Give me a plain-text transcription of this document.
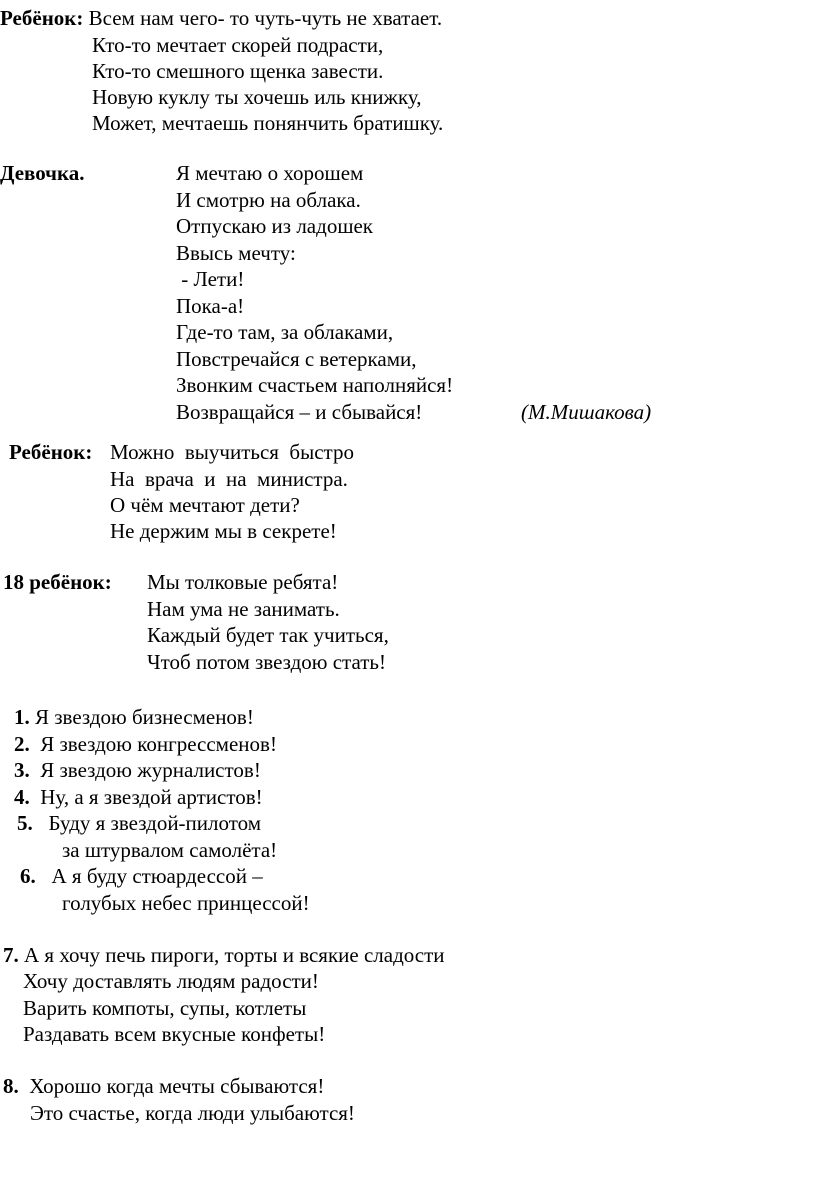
Ребёнок: Всем нам чего- то чуть-чуть не хватает.
Кто-то мечтает скорей подрасти,
Кто-то смешного щенка завести.
Новую куклу ты хочешь иль книжку,
Может, мечтаешь понянчить братишку.
Девочка.	Я мечтаю о хорошем
И смотрю на облака.
Отпускаю из ладошек
Ввысь мечту:
- Лети!
Пока-а!
Где-то там, за облаками,
Повстречайся с ветерками,
Звонким счастьем наполняйся!
Возвращайся – и сбывайся!	(М.Мишакова)
Ребёнок: Можно  выучиться  быстро
На  врача  и  на  министра.
О чём мечтают дети?
Не держим мы в секрете!
18 ребёнок: Мы толковые ребята!
Нам ума не занимать.
Каждый будет так учиться,
Чтоб потом звездою стать!
1. Я звездою бизнесменов!
2.  Я звездою конгрессменов!
3.  Я звездою журналистов!
4.  Ну, а я звездой артистов!
5.   Буду я звездой-пилотом
за штурвалом самолёта!
6.   А я буду стюардессой –
голубых небес принцессой!
7. А я хочу печь пироги, торты и всякие сладости
Хочу доставлять людям радости!
Варить компоты, супы, котлеты
Раздавать всем вкусные конфеты!
8.  Хорошо когда мечты сбываются!
Это счастье, когда люди улыбаются!
